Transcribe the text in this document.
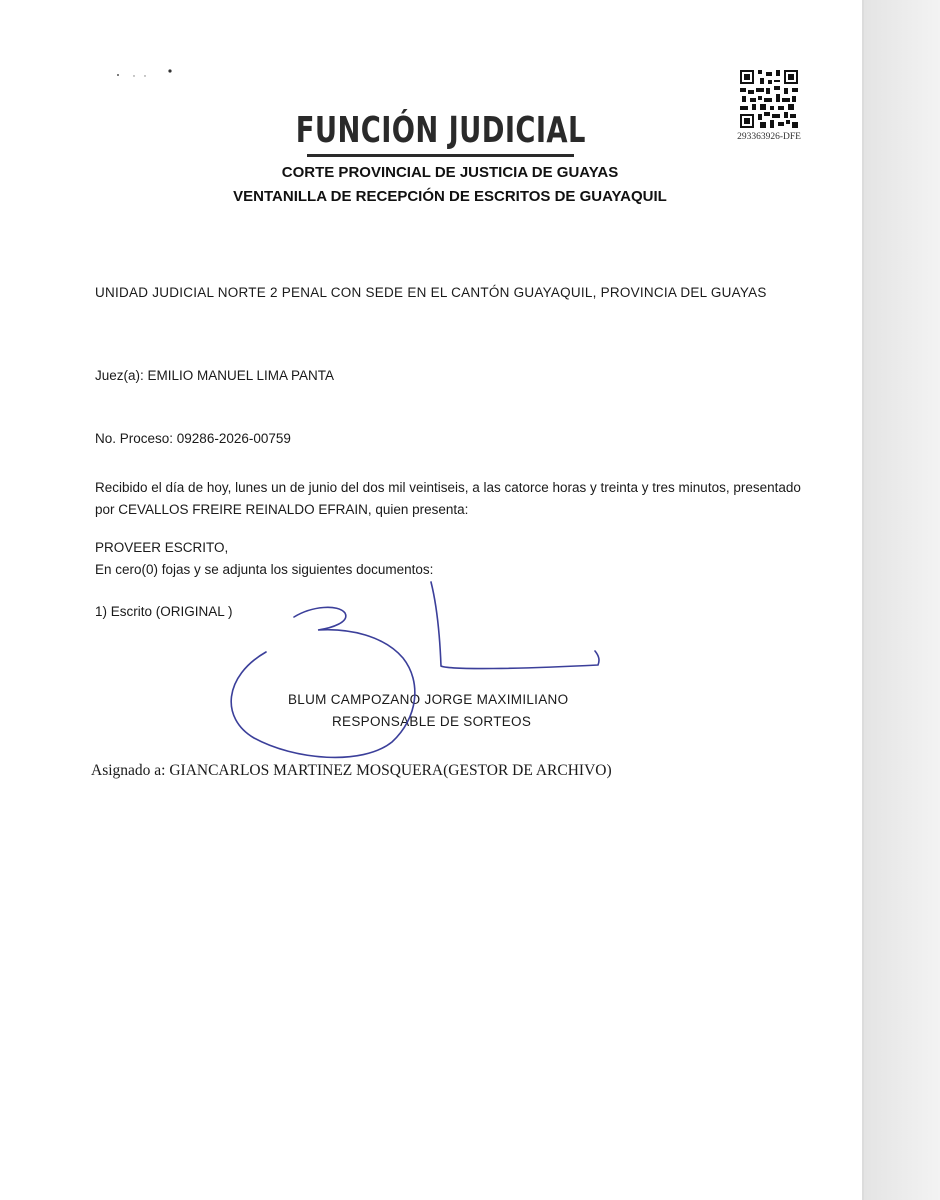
FUNCIÓN JUDICIAL	293363926-DFE
CORTE PROVINCIAL DE JUSTICIA DE GUAYAS
VENTANILLA DE RECEPCIÓN DE ESCRITOS DE GUAYAQUIL
UNIDAD JUDICIAL NORTE 2 PENAL CON SEDE EN EL CANTÓN GUAYAQUIL, PROVINCIA DEL GUAYAS
Juez(a): EMILIO MANUEL LIMA PANTA
No. Proceso: 09286-2026-00759
Recibido el día de hoy, lunes un de junio del dos mil veintiseis, a las catorce horas y treinta y tres minutos, presentado por CEVALLOS FREIRE REINALDO EFRAIN, quien presenta:
PROVEER ESCRITO,
En cero(0) fojas y se adjunta los siguientes documentos:
1) Escrito (ORIGINAL )
BLUM CAMPOZANO JORGE MAXIMILIANO
RESPONSABLE DE SORTEOS
Asignado a: GIANCARLOS MARTINEZ MOSQUERA(GESTOR DE ARCHIVO)
